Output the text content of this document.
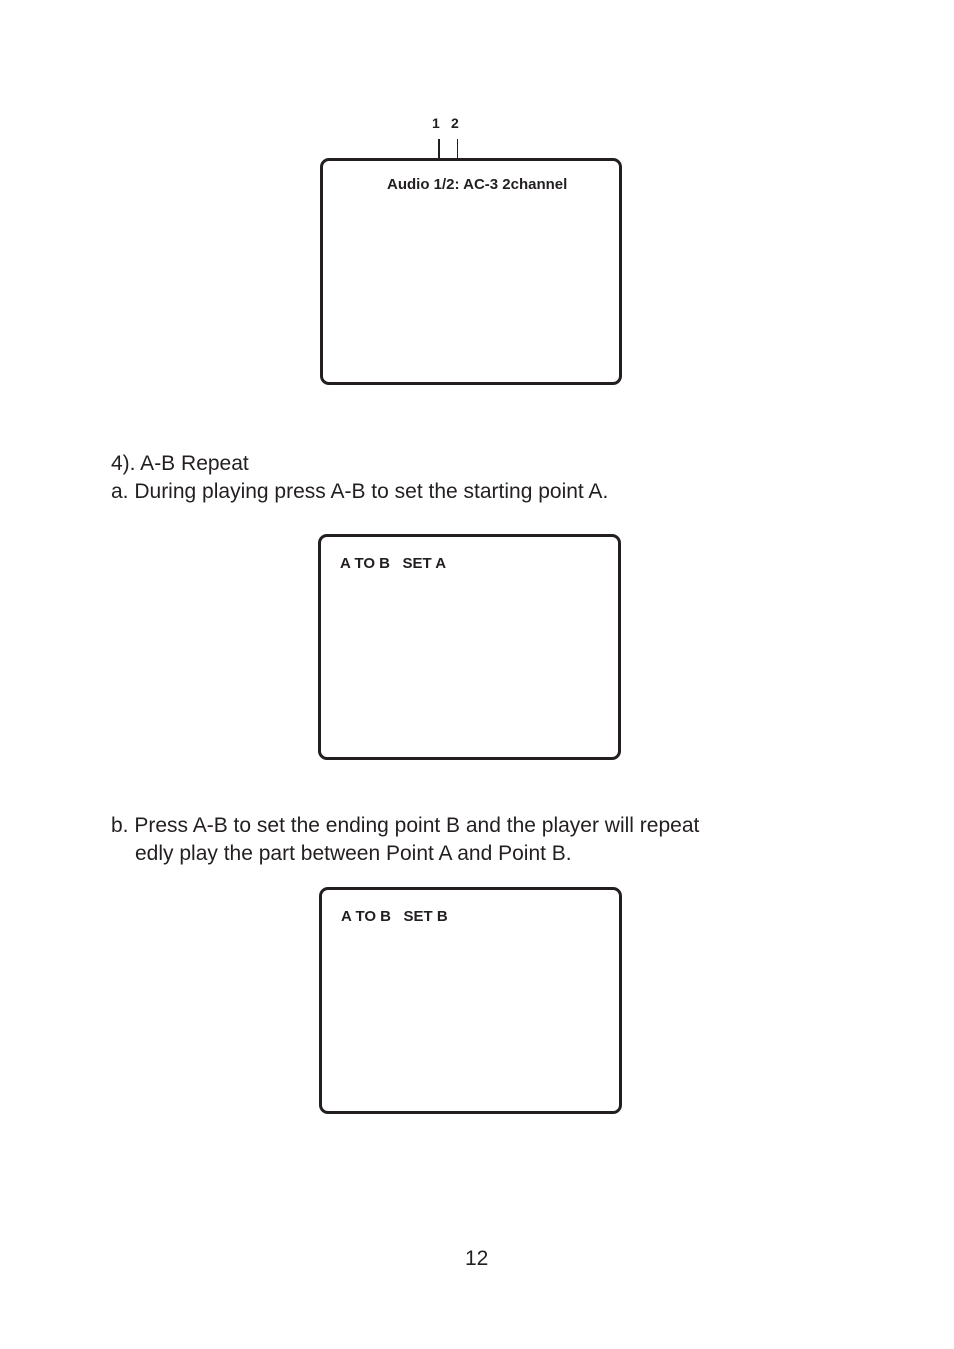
1 2
Audio 1/2: AC-3 2channel
4). A-B Repeat
a. During playing press A-B to set the starting point A.
A TO B   SET A
b. Press A-B to set the ending point B and the player will repeat
edly play the part between Point A and Point B.
A TO B   SET B
12
